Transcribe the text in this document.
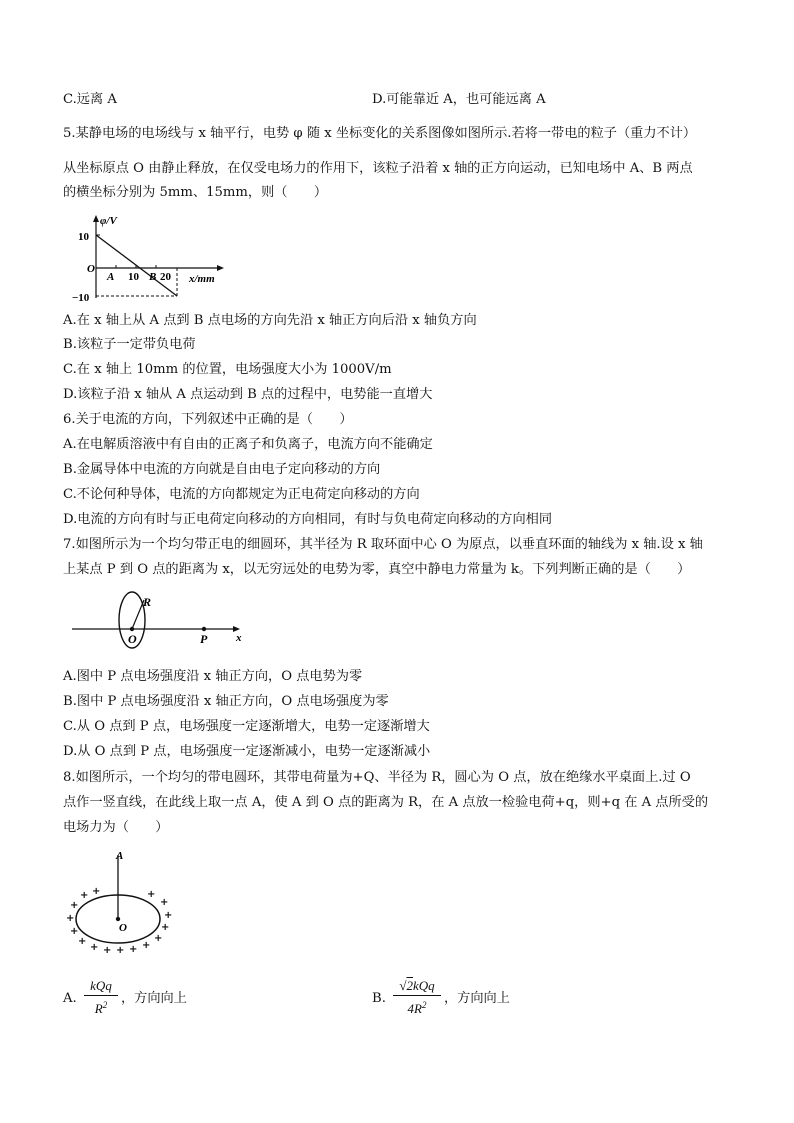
C.远离 A	D.可能靠近 A，也可能远离 A
5.某静电场的电场线与 x 轴平行，电势 φ 随 x 坐标变化的关系图像如图所示.若将一带电的粒子（重力不计）
从坐标原点 O 由静止释放，在仅受电场力的作用下，该粒子沿着 x 轴的正方向运动，已知电场中 A、B 两点
的横坐标分别为 5mm、15mm，则（　　）
φ/V
10
−10
O
A 10 B 20 x/mm
A.在 x 轴上从 A 点到 B 点电场的方向先沿 x 轴正方向后沿 x 轴负方向
B.该粒子一定带负电荷
C.在 x 轴上 10mm 的位置，电场强度大小为 1000V/m
D.该粒子沿 x 轴从 A 点运动到 B 点的过程中，电势能一直增大
6.关于电流的方向，下列叙述中正确的是（　　）
A.在电解质溶液中有自由的正离子和负离子，电流方向不能确定
B.金属导体中电流的方向就是自由电子定向移动的方向
C.不论何种导体，电流的方向都规定为正电荷定向移动的方向
D.电流的方向有时与正电荷定向移动的方向相同，有时与负电荷定向移动的方向相同
7.如图所示为一个均匀带正电的细圆环，其半径为 R 取环面中心 O 为原点，以垂直环面的轴线为 x 轴.设 x 轴
上某点 P 到 O 点的距离为 x，以无穷远处的电势为零，真空中静电力常量为 k。下列判断正确的是（　　）
R
O	P	x
A.图中 P 点电场强度沿 x 轴正方向，O 点电势为零
B.图中 P 点电场强度沿 x 轴正方向，O 点电场强度为零
C.从 O 点到 P 点，电场强度一定逐渐增大，电势一定逐渐增大
D.从 O 点到 P 点，电场强度一定逐渐减小，电势一定逐渐减小
8.如图所示，一个均匀的带电圆环，其带电荷量为+Q、半径为 R，圆心为 O 点，放在绝缘水平桌面上.过 O
点作一竖直线，在此线上取一点 A，使 A 到 O 点的距离为 R，在 A 点放一检验电荷+q，则+q 在 A 点所受的
电场力为（　　）
A
O
+
+
+
+
+ + + + +
+
+
+
+
+ +	+
A.
kQq
$R^2$	，方向向上	B.
√2kQq
$4R^2$	，方向向上
